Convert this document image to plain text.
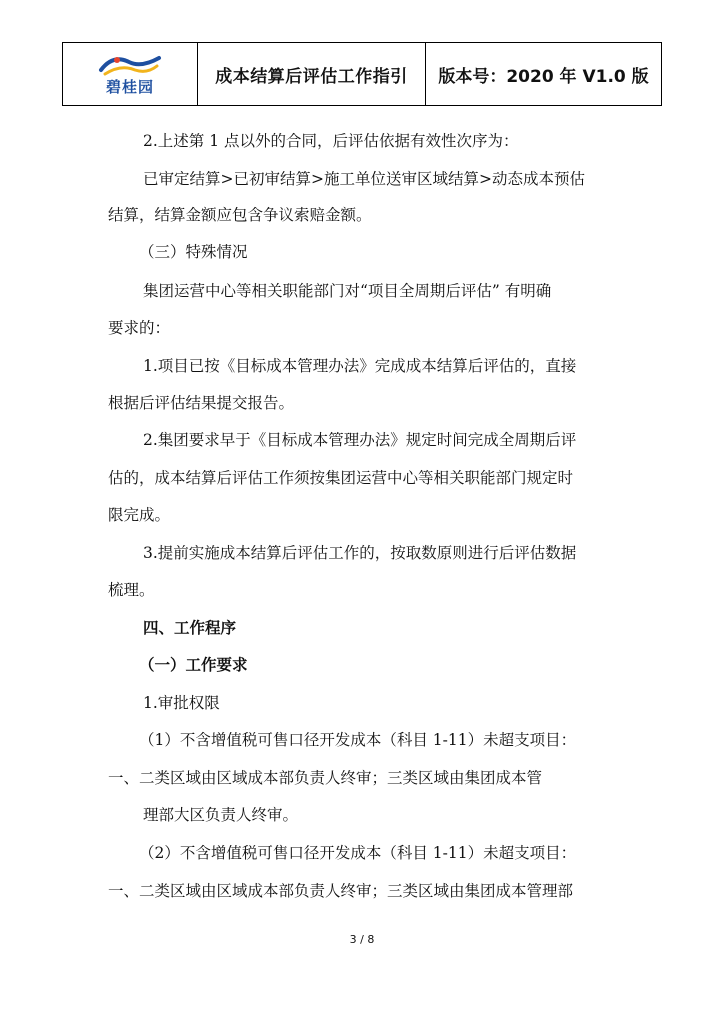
碧桂园	成本结算后评估工作指引	版本号：2020 年 V1.0 版
2.上述第 1 点以外的合同，后评估依据有效性次序为：
已审定结算>已初审结算>施工单位送审区域结算>动态成本预估
结算，结算金额应包含争议索赔金额。
（三）特殊情况
集团运营中心等相关职能部门对“项目全周期后评估” 有明确
要求的：
1.项目已按《目标成本管理办法》完成成本结算后评估的，直接
根据后评估结果提交报告。
2.集团要求早于《目标成本管理办法》规定时间完成全周期后评
估的，成本结算后评估工作须按集团运营中心等相关职能部门规定时
限完成。
3.提前实施成本结算后评估工作的，按取数原则进行后评估数据
梳理。
四、工作程序
（一）工作要求
1.审批权限
（1）不含增值税可售口径开发成本（科目 1-11）未超支项目：
一、二类区域由区域成本部负责人终审；三类区域由集团成本管
理部大区负责人终审。
（2）不含增值税可售口径开发成本（科目 1-11）未超支项目：
一、二类区域由区域成本部负责人终审；三类区域由集团成本管理部
3 / 8
